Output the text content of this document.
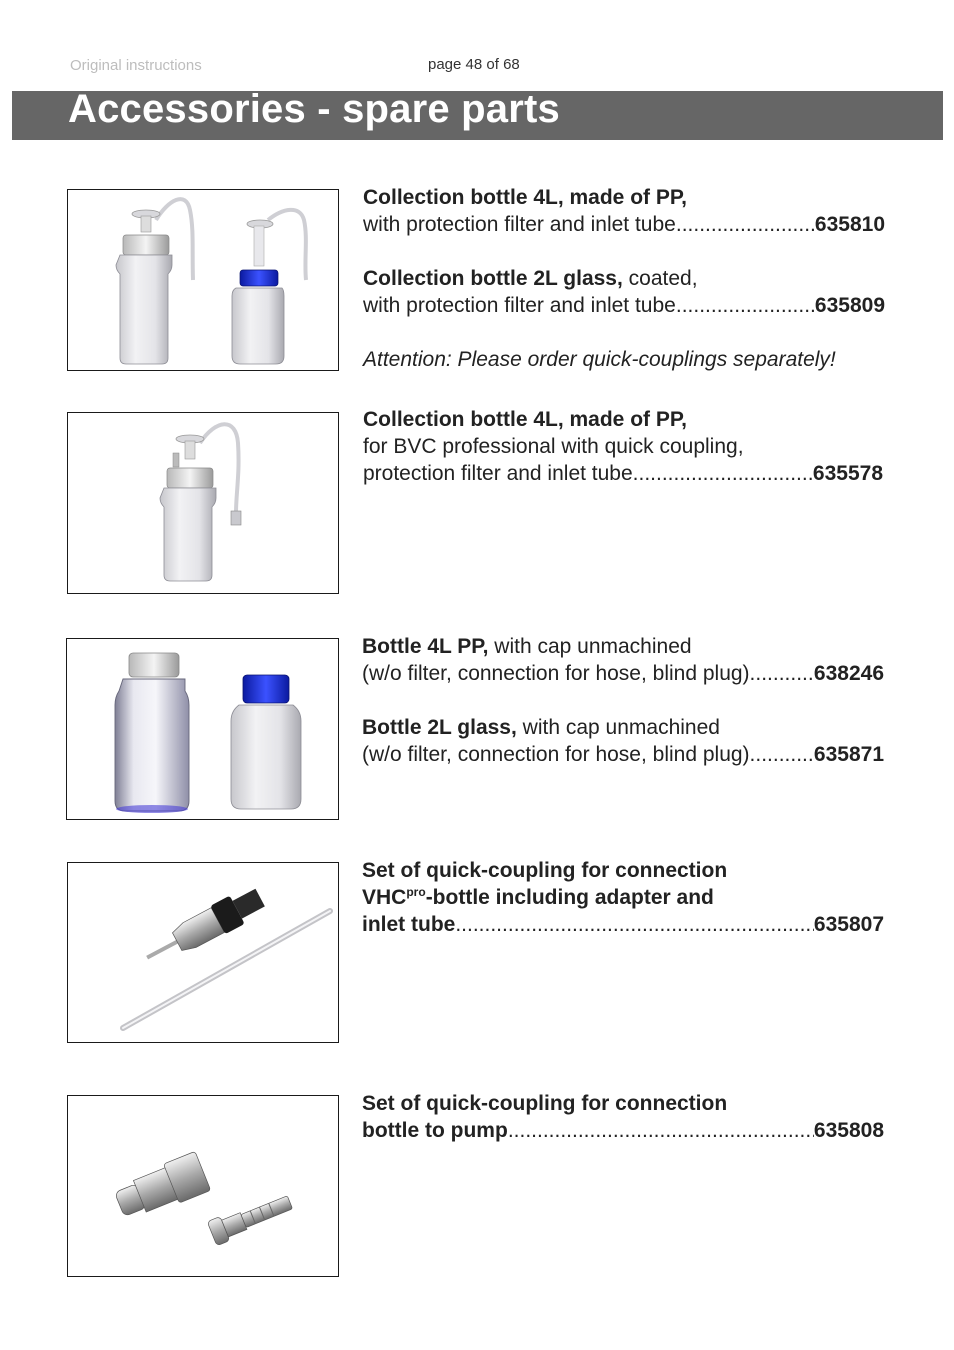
Original instructions	page 48 of 68
Accessories - spare parts
Collection bottle 4L, made of PP,
with protection filter and inlet tube .....	635810
Collection bottle 2L glass, coated,
with protection filter and inlet tube .....	635809
Attention: Please order quick-couplings separately!
Collection bottle 4L, made of PP,
for BVC professional with quick coupling,
protection filter and inlet tube .....	635578
Bottle 4L PP, with cap unmachined
(w/o filter, connection for hose, blind plug) .....	638246
Bottle 2L glass, with cap unmachined
(w/o filter, connection for hose, blind plug) .....	635871
Set of quick-coupling for connection
$VHC^{pro}$-bottle including adapter and
inlet tube .....	635807
Set of quick-coupling for connection
bottle to pump .....	635808
